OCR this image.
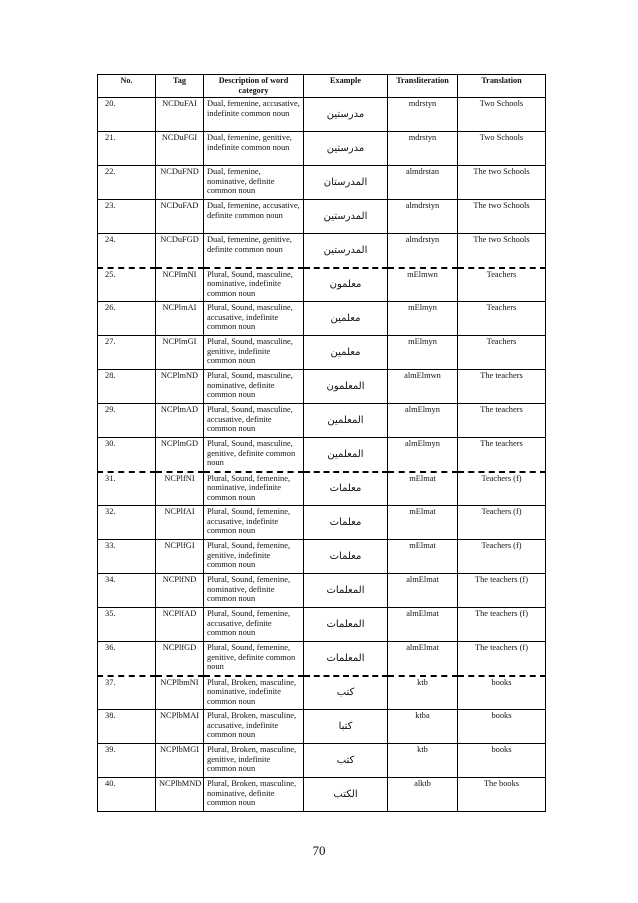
No.	Tag	Description of word category	Example	Transliteration	Translation
20.	NCDuFAI	Dual, femenine, accusative, indefinite common noun	مدرستين	mdrstyn	Two Schools
21.	NCDuFGI	Dual, femenine, genitive, indefinite common noun	مدرستين	mdrstyn	Two Schools
22.	NCDuFND	Dual, femenine, nominative, definite common noun	المدرستان	almdrstan	The two Schools
23.	NCDuFAD	Dual, femenine, accusative, definite common noun	المدرستين	almdrstyn	The two Schools
24.	NCDuFGD	Dual, femenine, genitive, definite common noun	المدرستين	almdrstyn	The two Schools
25.	NCPlmNI	Plural, Sound, masculine, nominative, indefinite common noun	معلمون	mElmwn	Teachers
26.	NCPlmAI	Plural, Sound, masculine, accusative, indefinite common noun	معلمين	mElmyn	Teachers
27.	NCPlmGI	Plural, Sound, masculine, genitive, indefinite common noun	معلمين	mElmyn	Teachers
28.	NCPlmND	Plural, Sound, masculine, nominative, definite common noun	المعلمون	almElmwn	The teachers
29.	NCPlmAD	Plural, Sound, masculine, accusative, definite common noun	المعلمين	almElmyn	The teachers
30.	NCPlmGD	Plural, Sound, masculine, genitive, definite common noun	المعلمين	almElmyn	The teachers
31.	NCPlfNI	Plural, Sound, femenine, nominative, indefinite common noun	معلمات	mElmat	Teachers (f)
32.	NCPlfAI	Plural, Sound, femenine, accusative, indefinite common noun	معلمات	mElmat	Teachers (f)
33.	NCPlfGI	Plural, Sound, femenine, genitive, indefinite common noun	معلمات	mElmat	Teachers (f)
34.	NCPlfND	Plural, Sound, femenine, nominative, definite common noun	المعلمات	almElmat	The teachers (f)
35.	NCPlfAD	Plural, Sound, femenine, accusative, definite common noun	المعلمات	almElmat	The teachers (f)
36.	NCPlfGD	Plural, Sound, femenine, genitive, definite common noun	المعلمات	almElmat	The teachers (f)
37.	NCPlbmNI	Plural, Broken, masculine, nominative, indefinite common noun	كتب	ktb	books
38.	NCPlbMAI	Plural, Broken, masculine, accusative, indefinite common noun	كتبا	ktba	books
39.	NCPlbMGI	Plural, Broken, masculine, genitive, indefinite common noun	كتب	ktb	books
40.	NCPlbMND	Plural, Broken, masculine, nominative, definite common noun	الكتب	alktb	The books
70
